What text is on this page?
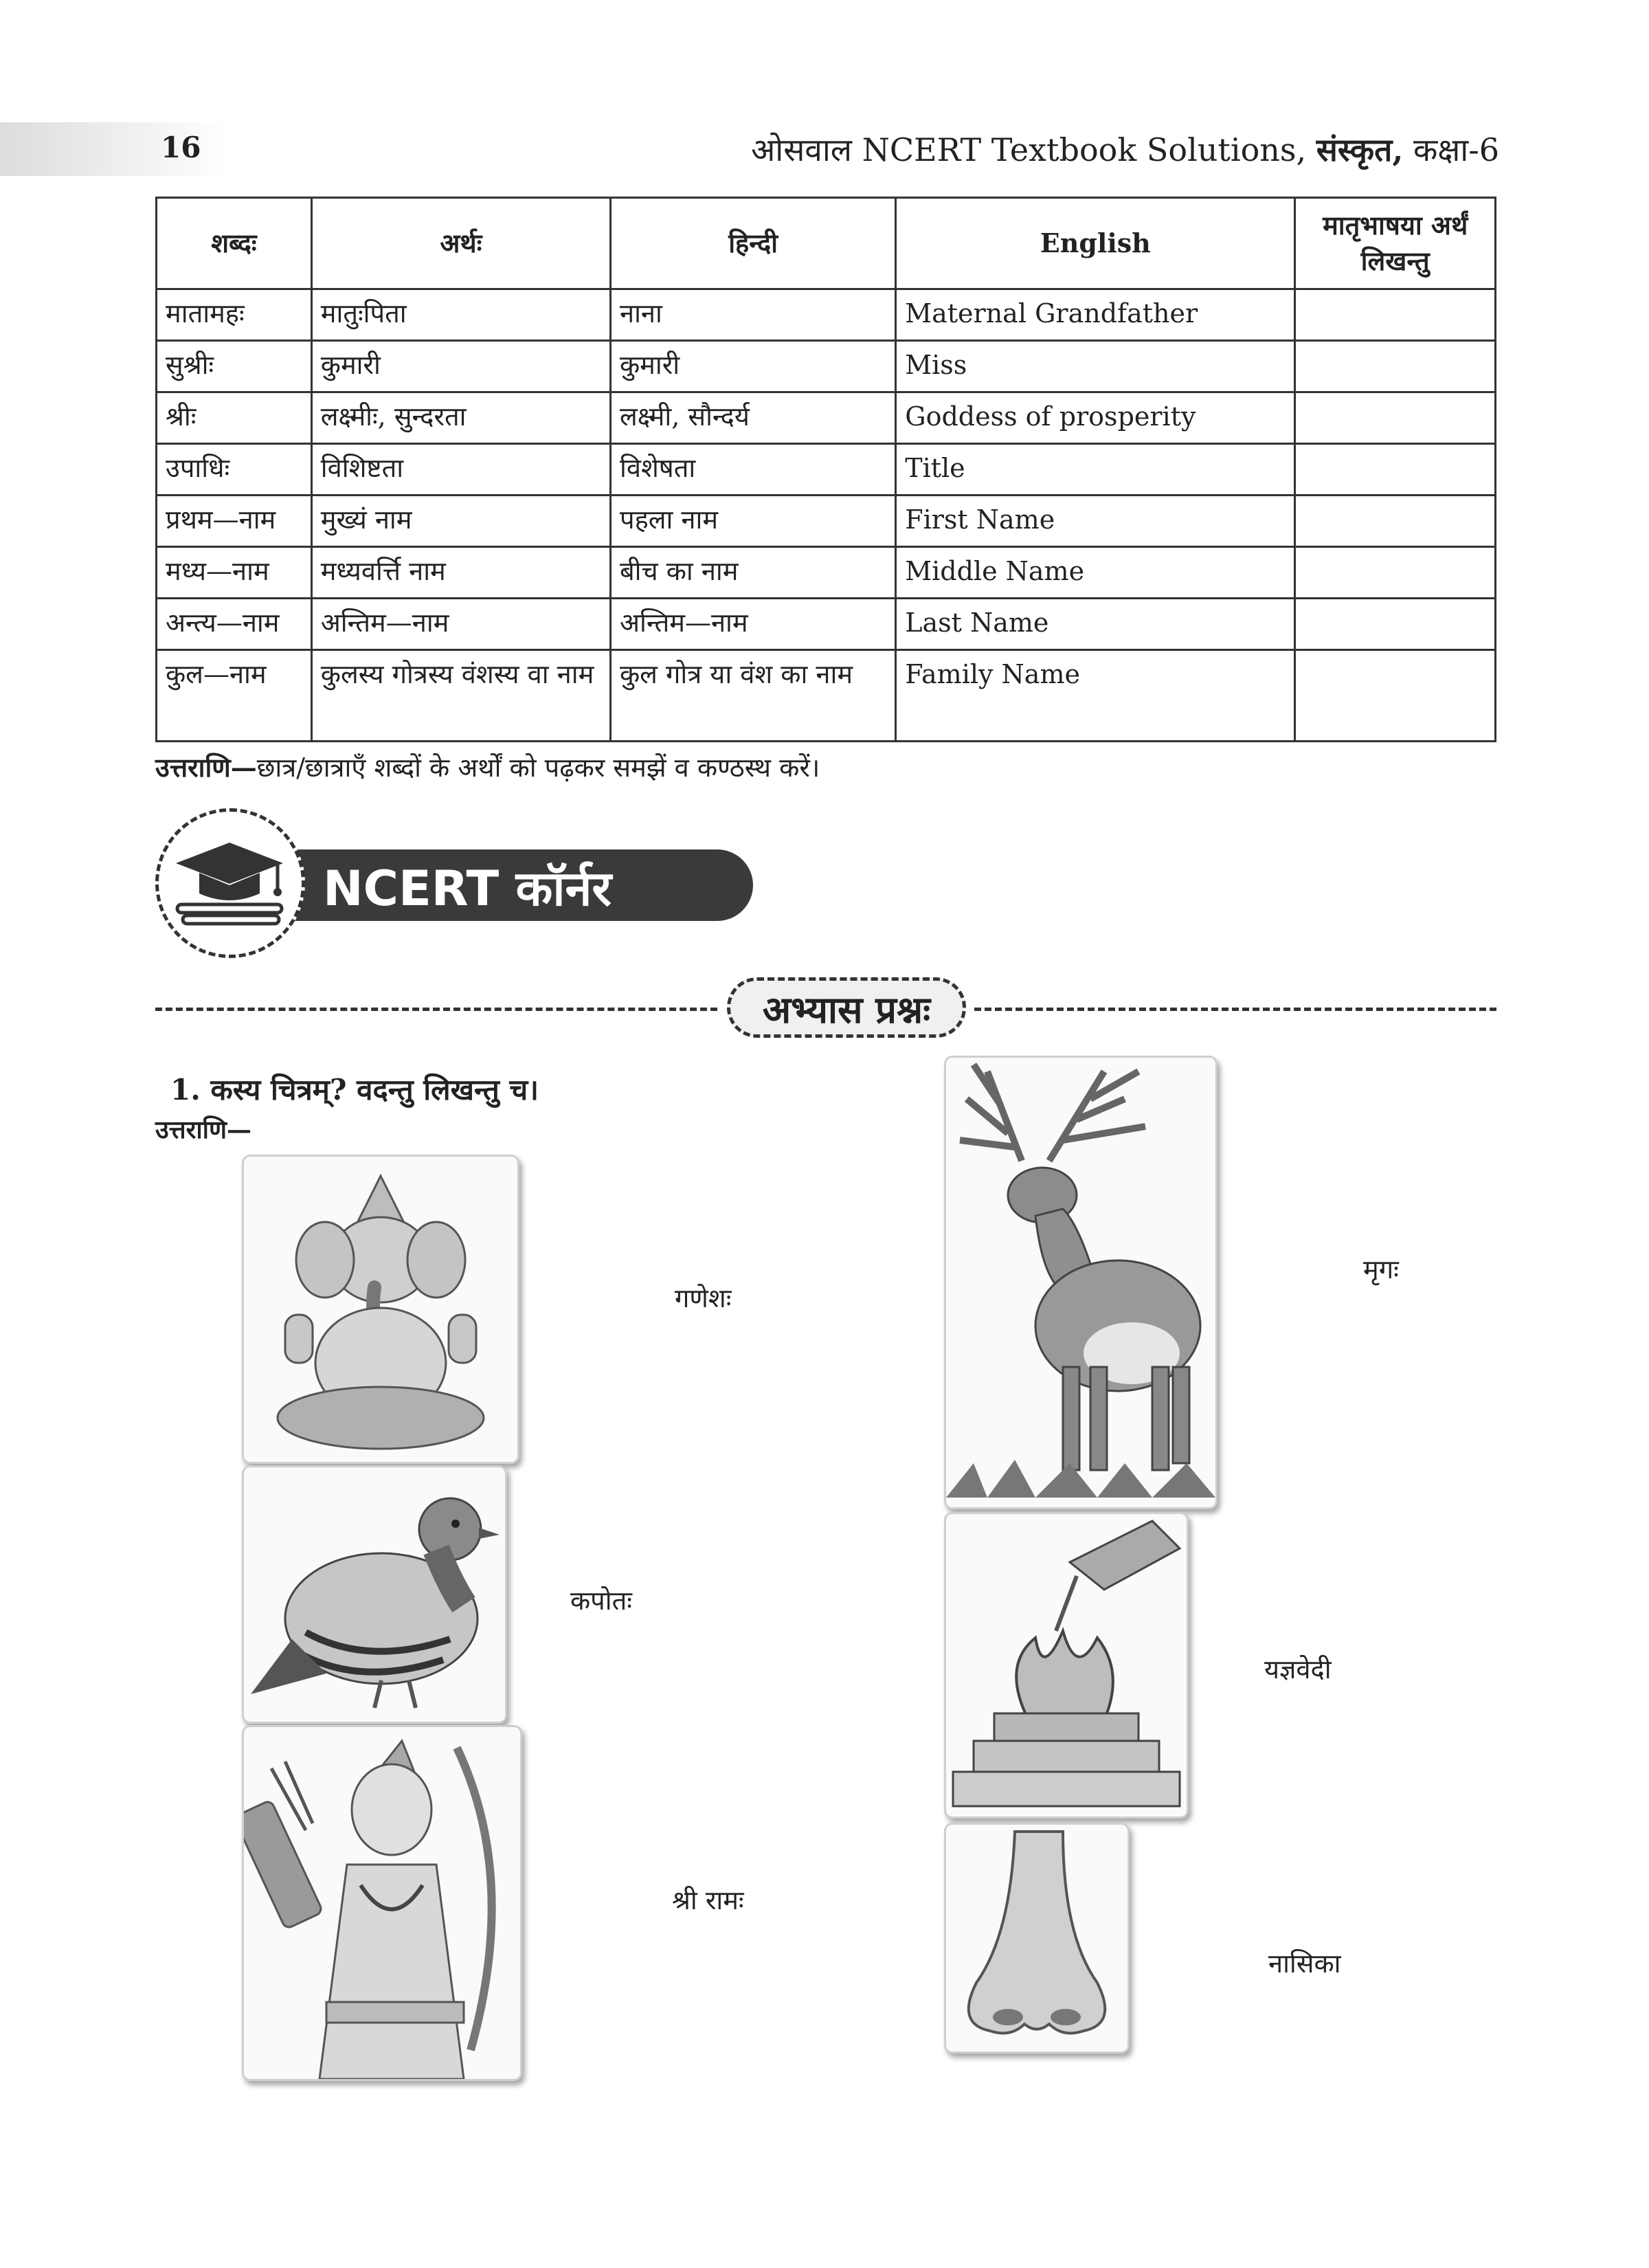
16	ओसवाल NCERT Textbook Solutions, संस्कृत, कक्षा-6
शब्दः	अर्थः	हिन्दी	English	मातृभाषया अर्थं लिखन्तु
मातामहः	मातुःपिता	नाना	Maternal Grandfather	
सुश्रीः	कुमारी	कुमारी	Miss	
श्रीः	लक्ष्मीः, सुन्दरता	लक्ष्मी, सौन्दर्य	Goddess of prosperity	
उपाधिः	विशिष्टता	विशेषता	Title	
प्रथम—नाम	मुख्यं नाम	पहला नाम	First Name	
मध्य—नाम	मध्यवर्त्ति नाम	बीच का नाम	Middle Name	
अन्त्य—नाम	अन्तिम—नाम	अन्तिम—नाम	Last Name	
कुल—नाम	कुलस्य गोत्रस्य वंशस्य वा नाम	कुल गोत्र या वंश का नाम	Family Name	
उत्तराणि—छात्र/छात्राएँ शब्दों के अर्थों को पढ़कर समझें व कण्ठस्थ करें।
NCERT कॉर्नर
अभ्यास प्रश्नः
1. कस्य चित्रम्? वदन्तु लिखन्तु च।
उत्तराणि—
गणेशः
कपोतः
श्री रामः
मृगः
यज्ञवेदी
नासिका
